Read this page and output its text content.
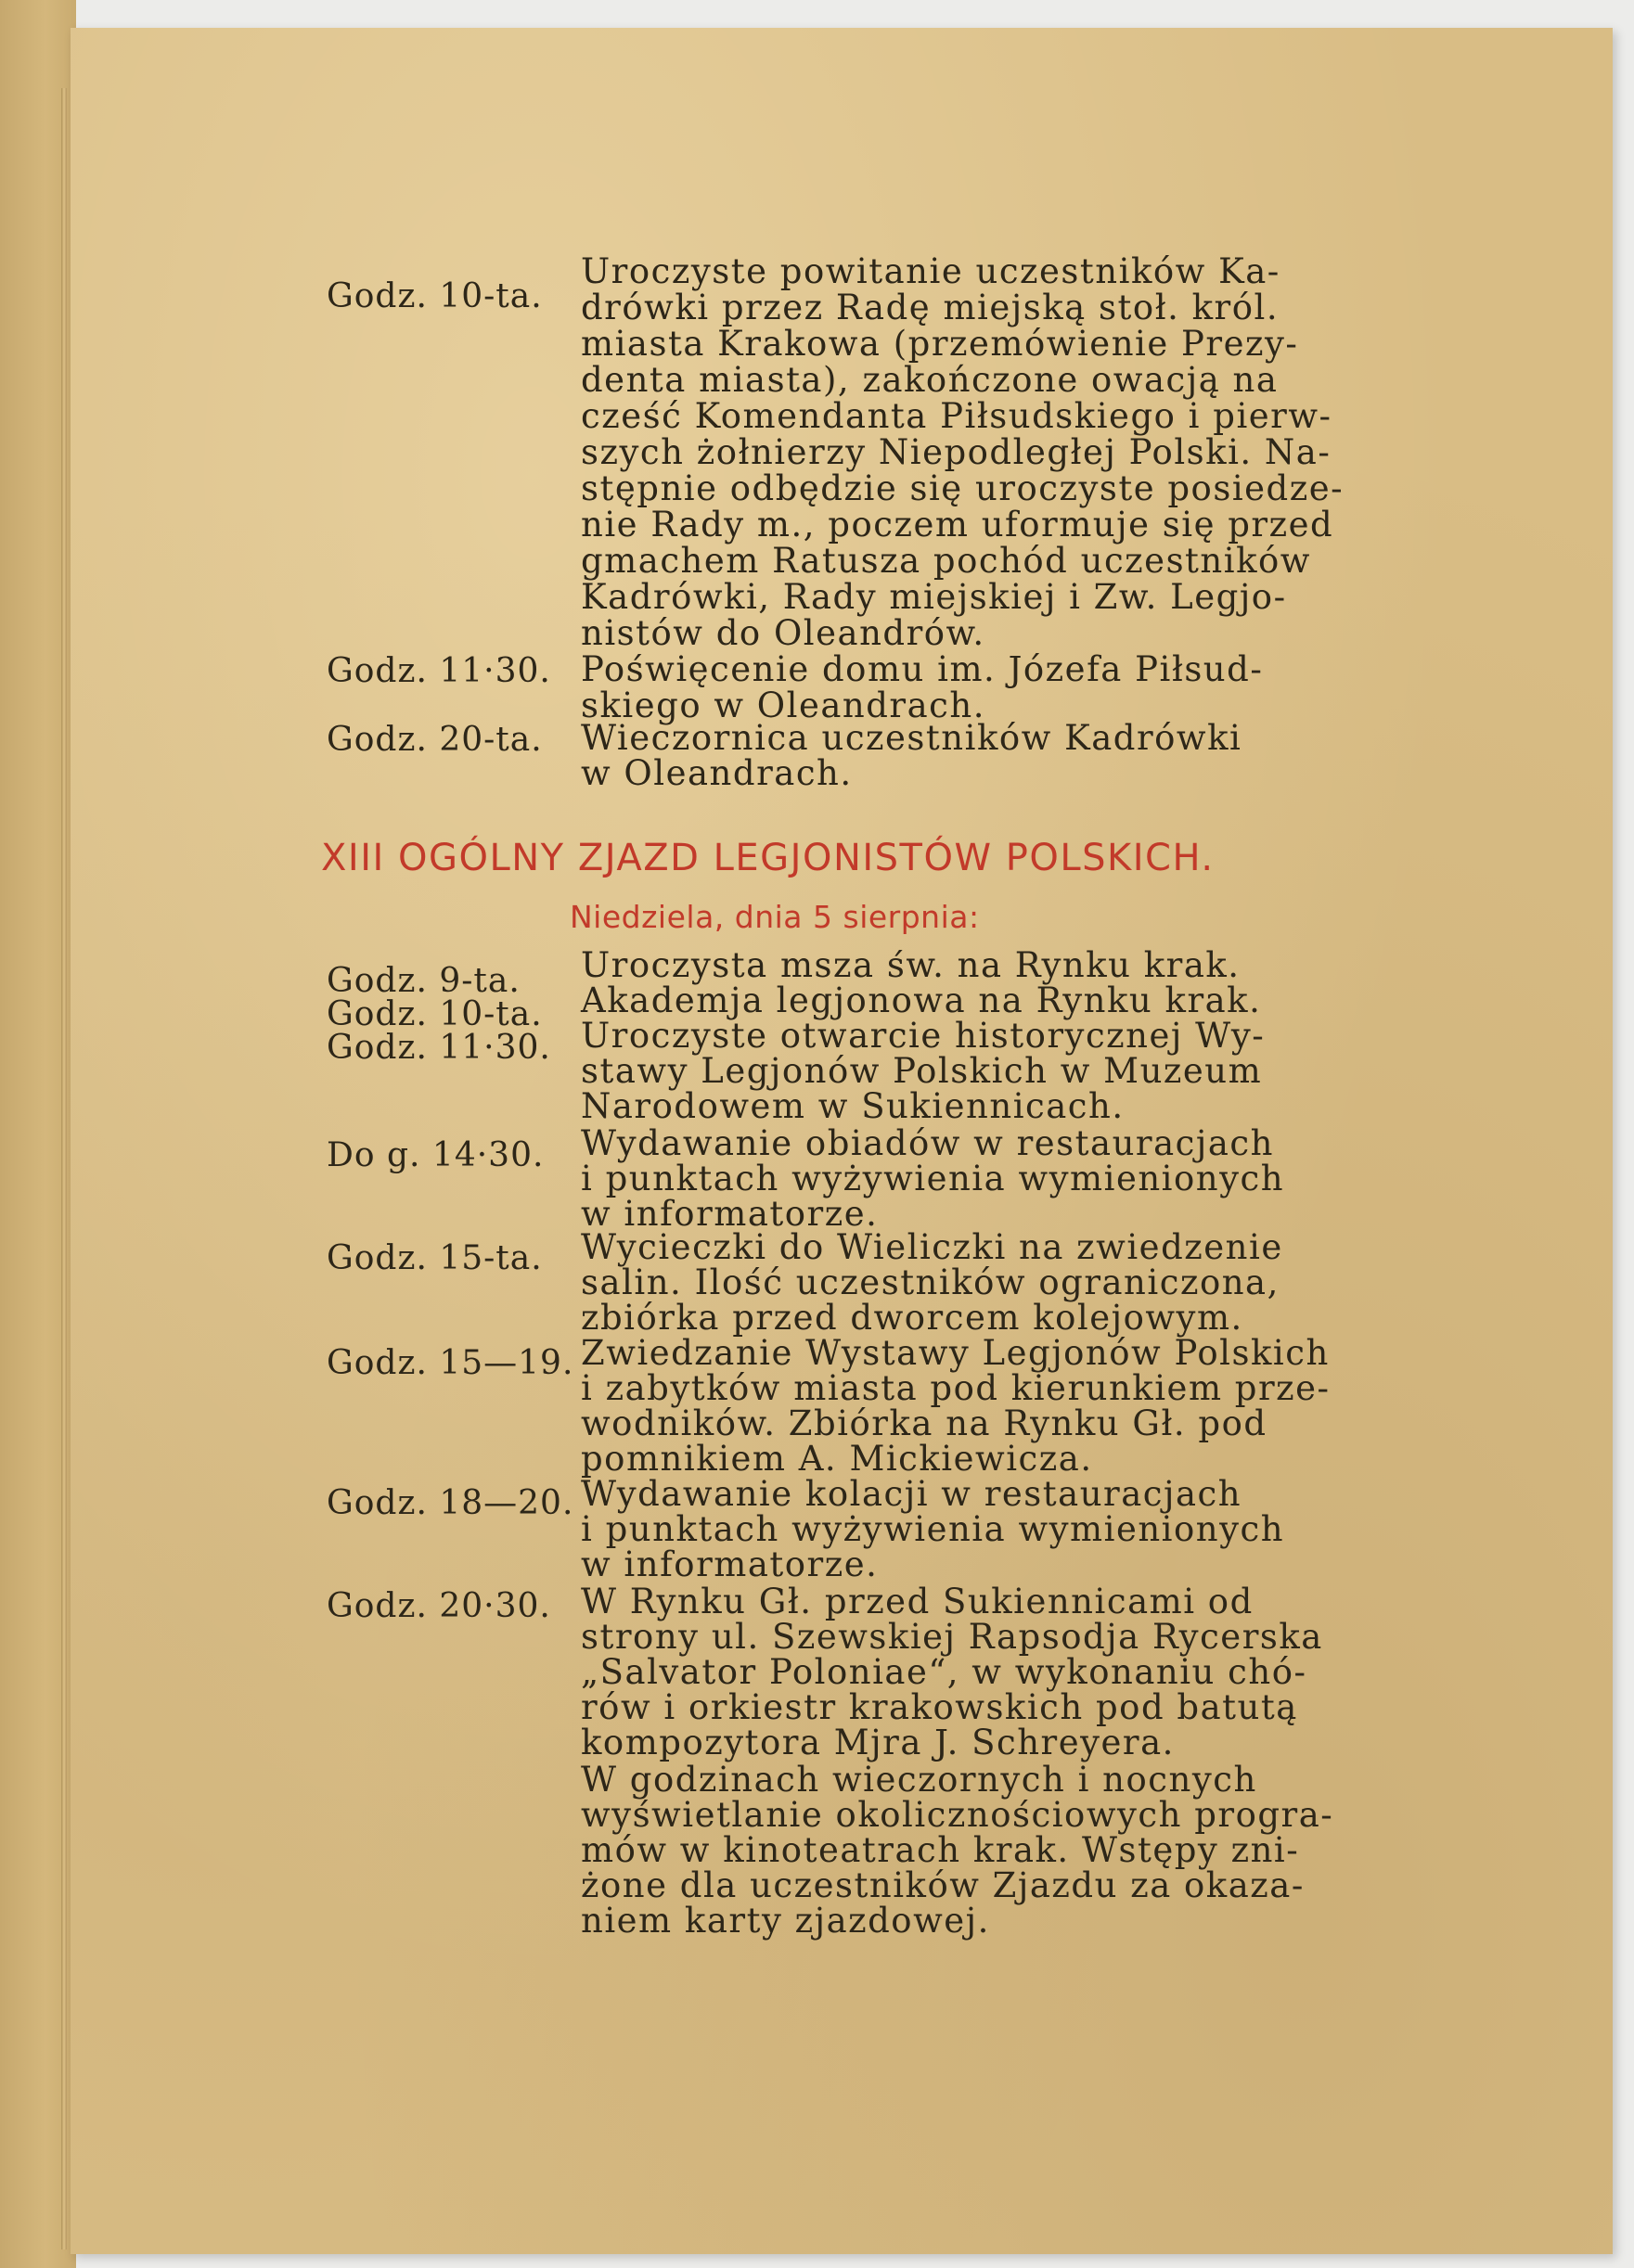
Godz. 10-ta.
Uroczyste powitanie uczestników Ka-
drówki przez Radę miejską stoł. król.
miasta Krakowa (przemówienie Prezy-
denta miasta), zakończone owacją na
cześć Komendanta Piłsudskiego i pierw-
szych żołnierzy Niepodległej Polski. Na-
stępnie odbędzie się uroczyste posiedze-
nie Rady m., poczem uformuje się przed
gmachem Ratusza pochód uczestników
Kadrówki, Rady miejskiej i Zw. Legjo-
nistów do Oleandrów.
Godz. 11·30. Poświęcenie domu im. Józefa Piłsud-
skiego w Oleandrach.
Godz. 20-ta. Wieczornica uczestników Kadrówki
w Oleandrach.
XIII OGÓLNY ZJAZD LEGJONISTÓW POLSKICH.
Niedziela, dnia 5 sierpnia:
Godz. 9-ta. Uroczysta msza św. na Rynku krak.
Godz. 10-ta. Akademja legjonowa na Rynku krak.
Godz. 11·30. Uroczyste otwarcie historycznej Wy-
stawy Legjonów Polskich w Muzeum
Narodowem w Sukiennicach.
Do g. 14·30. Wydawanie obiadów w restauracjach
i punktach wyżywienia wymienionych
w informatorze.
Godz. 15-ta. Wycieczki do Wieliczki na zwiedzenie
salin. Ilość uczestników ograniczona,
zbiórka przed dworcem kolejowym.
Godz. 15—19. Zwiedzanie Wystawy Legjonów Polskich
i zabytków miasta pod kierunkiem prze-
wodników. Zbiórka na Rynku Gł. pod
pomnikiem A. Mickiewicza.
Godz. 18—20. Wydawanie kolacji w restauracjach
i punktach wyżywienia wymienionych
w informatorze.
Godz. 20·30. W Rynku Gł. przed Sukiennicami od
strony ul. Szewskiej Rapsodja Rycerska
„Salvator Poloniae“, w wykonaniu chó-
rów i orkiestr krakowskich pod batutą
kompozytora Mjra J. Schreyera.
W godzinach wieczornych i nocnych
wyświetlanie okolicznościowych progra-
mów w kinoteatrach krak. Wstępy zni-
żone dla uczestników Zjazdu za okaza-
niem karty zjazdowej.
